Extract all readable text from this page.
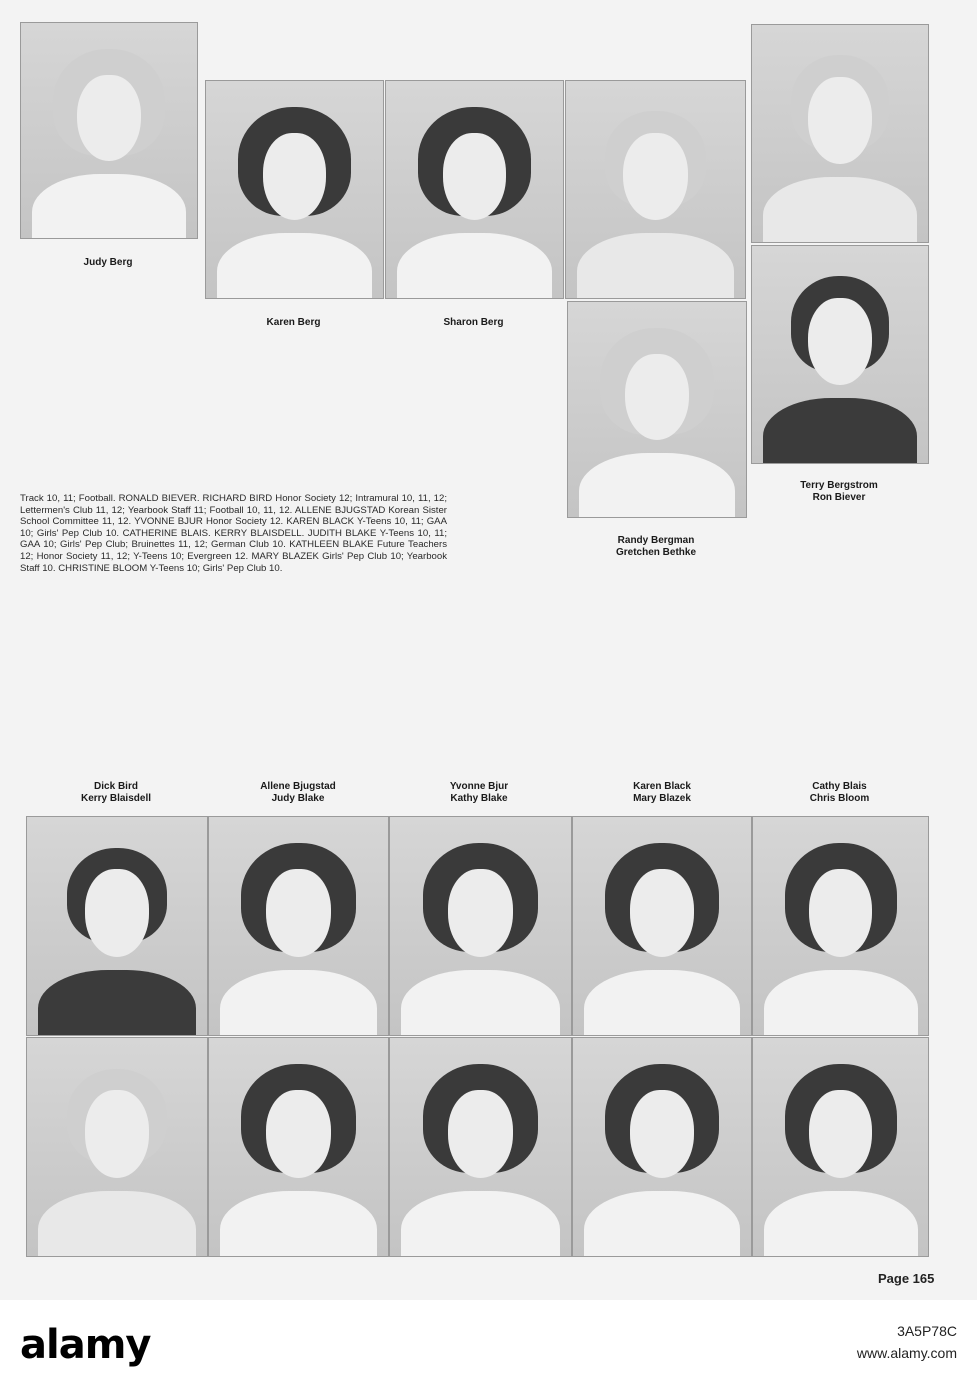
Judy Berg

Karen Berg	Sharon Berg

Randy Bergman
Gretchen Bethke
Terry Bergstrom
Ron Biever

Track 10, 11; Football. RONALD BIEVER. RICHARD BIRD Honor Society 12; Intramural 10, 11, 12; Lettermen's Club 11, 12; Yearbook Staff 11; Football 10, 11, 12. ALLENE BJUGSTAD Korean Sister School Committee 11, 12. YVONNE BJUR Honor Society 12. KAREN BLACK Y-Teens 10, 11; GAA 10; Girls' Pep Club 10. CATHERINE BLAIS. KERRY BLAISDELL. JUDITH BLAKE Y-Teens 10, 11; GAA 10; Girls' Pep Club; Bruinettes 11, 12; German Club 10. KATHLEEN BLAKE Future Teachers 12; Honor Society 11, 12; Y-Teens 10; Evergreen 12. MARY BLAZEK Girls' Pep Club 10; Yearbook Staff 10. CHRISTINE BLOOM Y-Teens 10; Girls' Pep Club 10.

Dick Bird
Kerry Blaisdell
Allene Bjugstad
Judy Blake
Yvonne Bjur
Kathy Blake
Karen Black
Mary Blazek
Cathy Blais
Chris Bloom
Page 165
alamy	3A5P78C
www.alamy.com
